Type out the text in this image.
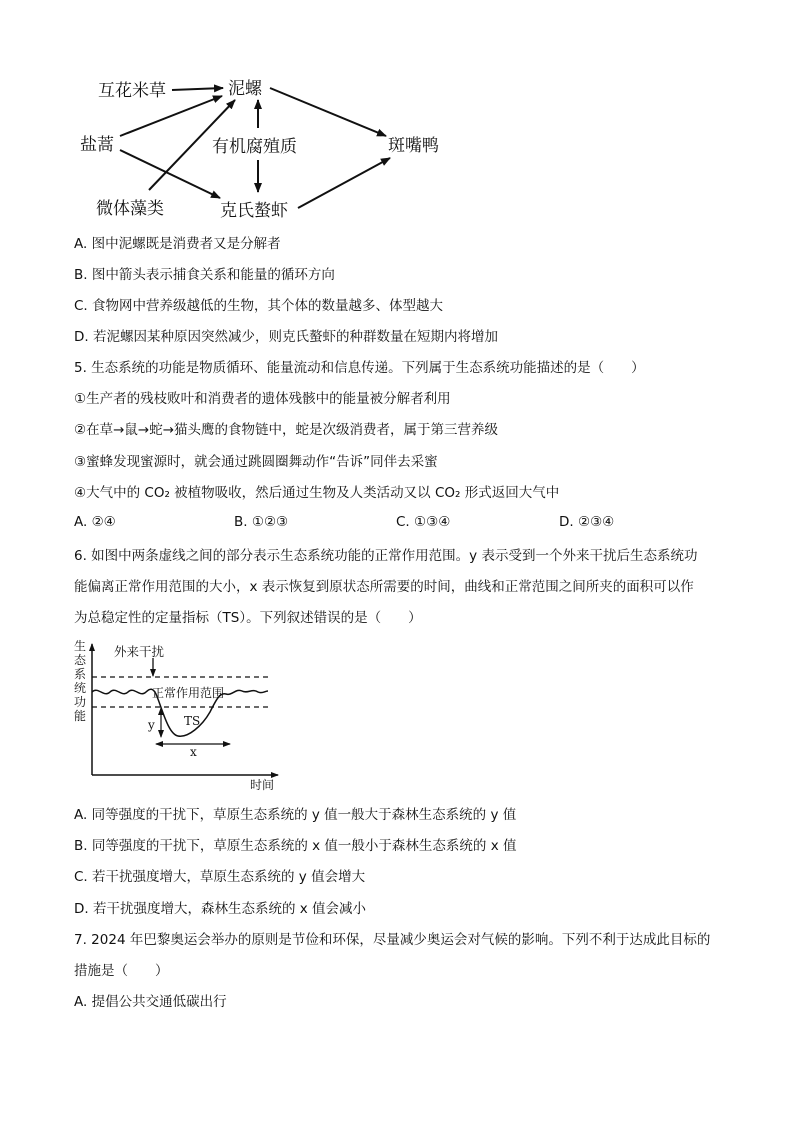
互花米草
盐蒿
微体藻类
泥螺
有机腐殖质
克氏螯虾
斑嘴鸭
A. 图中泥螺既是消费者又是分解者
B. 图中箭头表示捕食关系和能量的循环方向
C. 食物网中营养级越低的生物，其个体的数量越多、体型越大
D. 若泥螺因某种原因突然减少，则克氏螯虾的种群数量在短期内将增加
5. 生态系统的功能是物质循环、能量流动和信息传递。下列属于生态系统功能描述的是（　　）
①生产者的残枝败叶和消费者的遗体残骸中的能量被分解者利用
②在草→鼠→蛇→猫头鹰的食物链中，蛇是次级消费者，属于第三营养级
③蜜蜂发现蜜源时，就会通过跳圆圈舞动作“告诉”同伴去采蜜
④大气中的 CO₂ 被植物吸收，然后通过生物及人类活动又以 CO₂ 形式返回大气中
A. ②④	B. ①②③	C. ①③④	D. ②③④
6. 如图中两条虚线之间的部分表示生态系统功能的正常作用范围。y 表示受到一个外来干扰后生态系统功
能偏离正常作用范围的大小，x 表示恢复到原状态所需要的时间，曲线和正常范围之间所夹的面积可以作
为总稳定性的定量指标（TS）。下列叙述错误的是（　　）
生 态 系 统 功 能
外来干扰
正常作用范围
TS
y
x
时间
A. 同等强度的干扰下，草原生态系统的 y 值一般大于森林生态系统的 y 值
B. 同等强度的干扰下，草原生态系统的 x 值一般小于森林生态系统的 x 值
C. 若干扰强度增大，草原生态系统的 y 值会增大
D. 若干扰强度增大，森林生态系统的 x 值会减小
7. 2024 年巴黎奥运会举办的原则是节俭和环保，尽量减少奥运会对气候的影响。下列不利于达成此目标的
措施是（　　）
A. 提倡公共交通低碳出行
